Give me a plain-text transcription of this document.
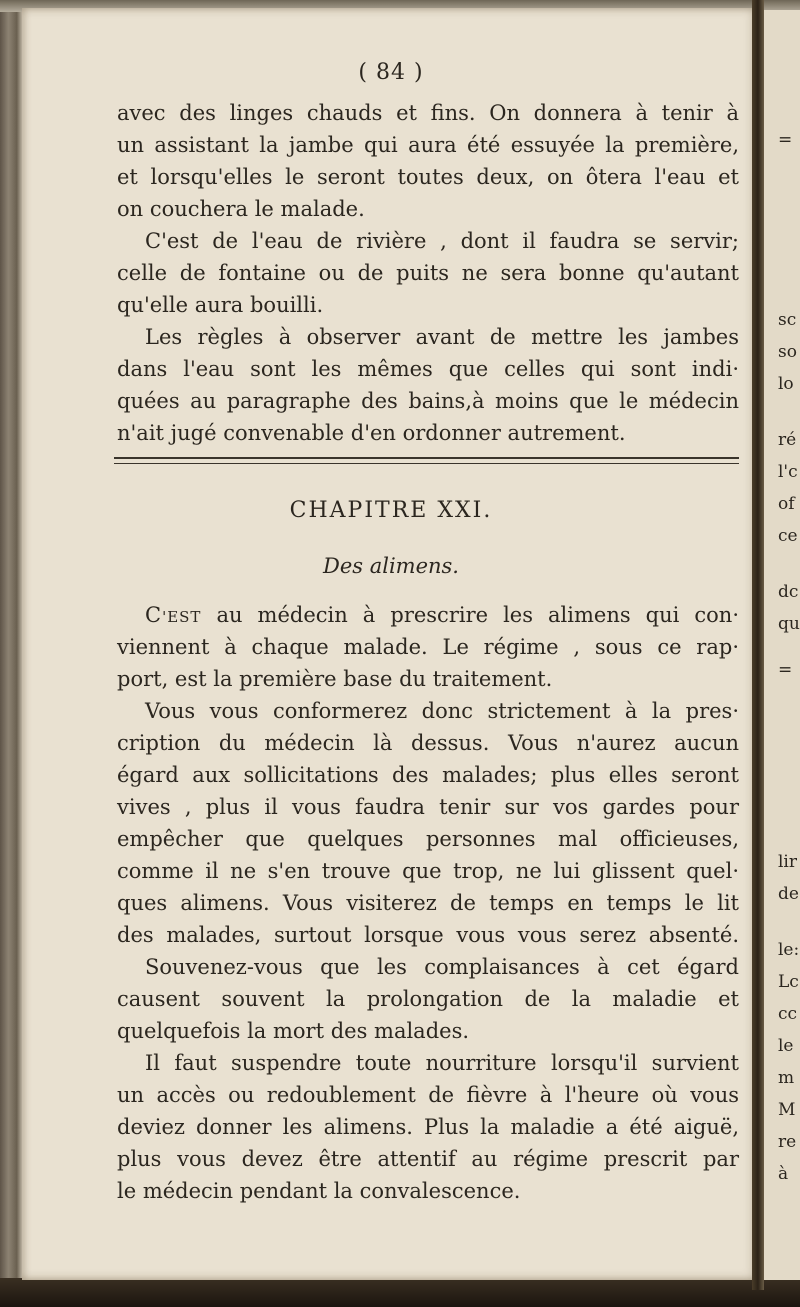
( 84 )
avec des linges chauds et fins. On donnera à tenir à
un assistant la jambe qui aura été essuyée la première,
et lorsqu'elles le seront toutes deux, on ôtera l'eau et
on couchera le malade.
C'est de l'eau de rivière , dont il faudra se servir;
celle de fontaine ou de puits ne sera bonne qu'autant
qu'elle aura bouilli.
Les règles à observer avant de mettre les jambes
dans l'eau sont les mêmes que celles qui sont indi·
quées au paragraphe des bains,à moins que le médecin
n'ait jugé convenable d'en ordonner autrement.
CHAPITRE XXI.
Des alimens.
C'EST au médecin à prescrire les alimens qui con·
viennent à chaque malade. Le régime , sous ce rap·
port, est la première base du traitement.
Vous vous conformerez donc strictement à la pres·
cription du médecin là dessus. Vous n'aurez aucun
égard aux sollicitations des malades; plus elles seront
vives , plus il vous faudra tenir sur vos gardes pour
empêcher que quelques personnes mal officieuses,
comme il ne s'en trouve que trop, ne lui glissent quel·
ques alimens. Vous visiterez de temps en temps le lit
des malades, surtout lorsque vous vous serez absenté.
Souvenez-vous que les complaisances à cet égard
causent souvent la prolongation de la maladie et
quelquefois la mort des malades.
Il faut suspendre toute nourriture lorsqu'il survient
un accès ou redoublement de fièvre à l'heure où vous
deviez donner les alimens. Plus la maladie a été aiguë,
plus vous devez être attentif au régime prescrit par
le médecin pendant la convalescence.
=
sc
so
lo
ré
l'c
of
ce
dc
qu
=
lir
de
le:
Lc
cc
le
m
M
re
à
